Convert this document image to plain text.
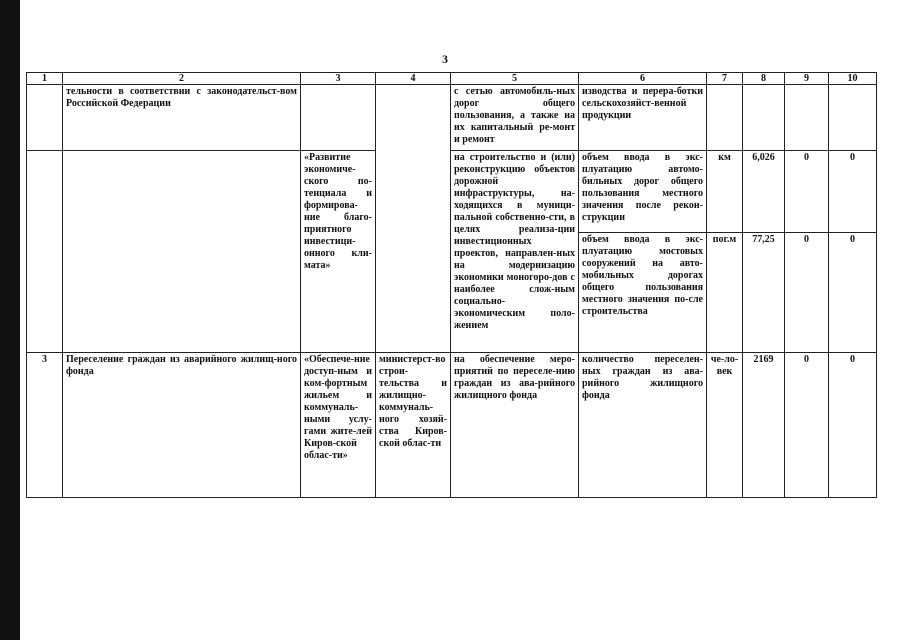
3
1	2	3	4	5	6	7	8	9	10
	тельности в соответствии с законодательст-вом Российской Федерации			с сетью автомобиль-ных дорог общего пользования, а также на их капитальный ре-монт и ремонт	изводства и перера-ботки сельскохозяйст-венной продукции				
		«Развитие экономиче-ского по-тенциала и формирова-ние благо-приятного инвестици-онного кли-мата»		на строительство и (или) реконструкцию объектов дорожной инфраструктуры, на-ходящихся в муници-пальной собственно-сти, в целях реализа-ции инвестиционных проектов, направлен-ных на модернизацию экономики моногоро-дов с наиболее слож-ным социально-экономическим поло-жением	объем ввода в экс-плуатацию автомо-бильных дорог общего пользования местного значения после рекон-струкции	км	6,026	0	0
					объем ввода в экс-плуатацию мостовых сооружений на авто-мобильных дорогах общего пользования местного значения по-сле строительства	пог.м	77,25	0	0
3	Переселение граждан из аварийного жилищ-ного фонда	«Обеспече-ние доступ-ным и ком-фортным жильем и коммуналь-ными услу-гами жите-лей Киров-ской облас-ти»	министерст-во строи-тельства и жилищно-коммуналь-ного хозяй-ства Киров-ской облас-ти	на обеспечение меро-приятий по переселе-нию граждан из ава-рийного жилищного фонда	количество переселен-ных граждан из ава-рийного жилищного фонда	че-ло-век	2169	0	0
